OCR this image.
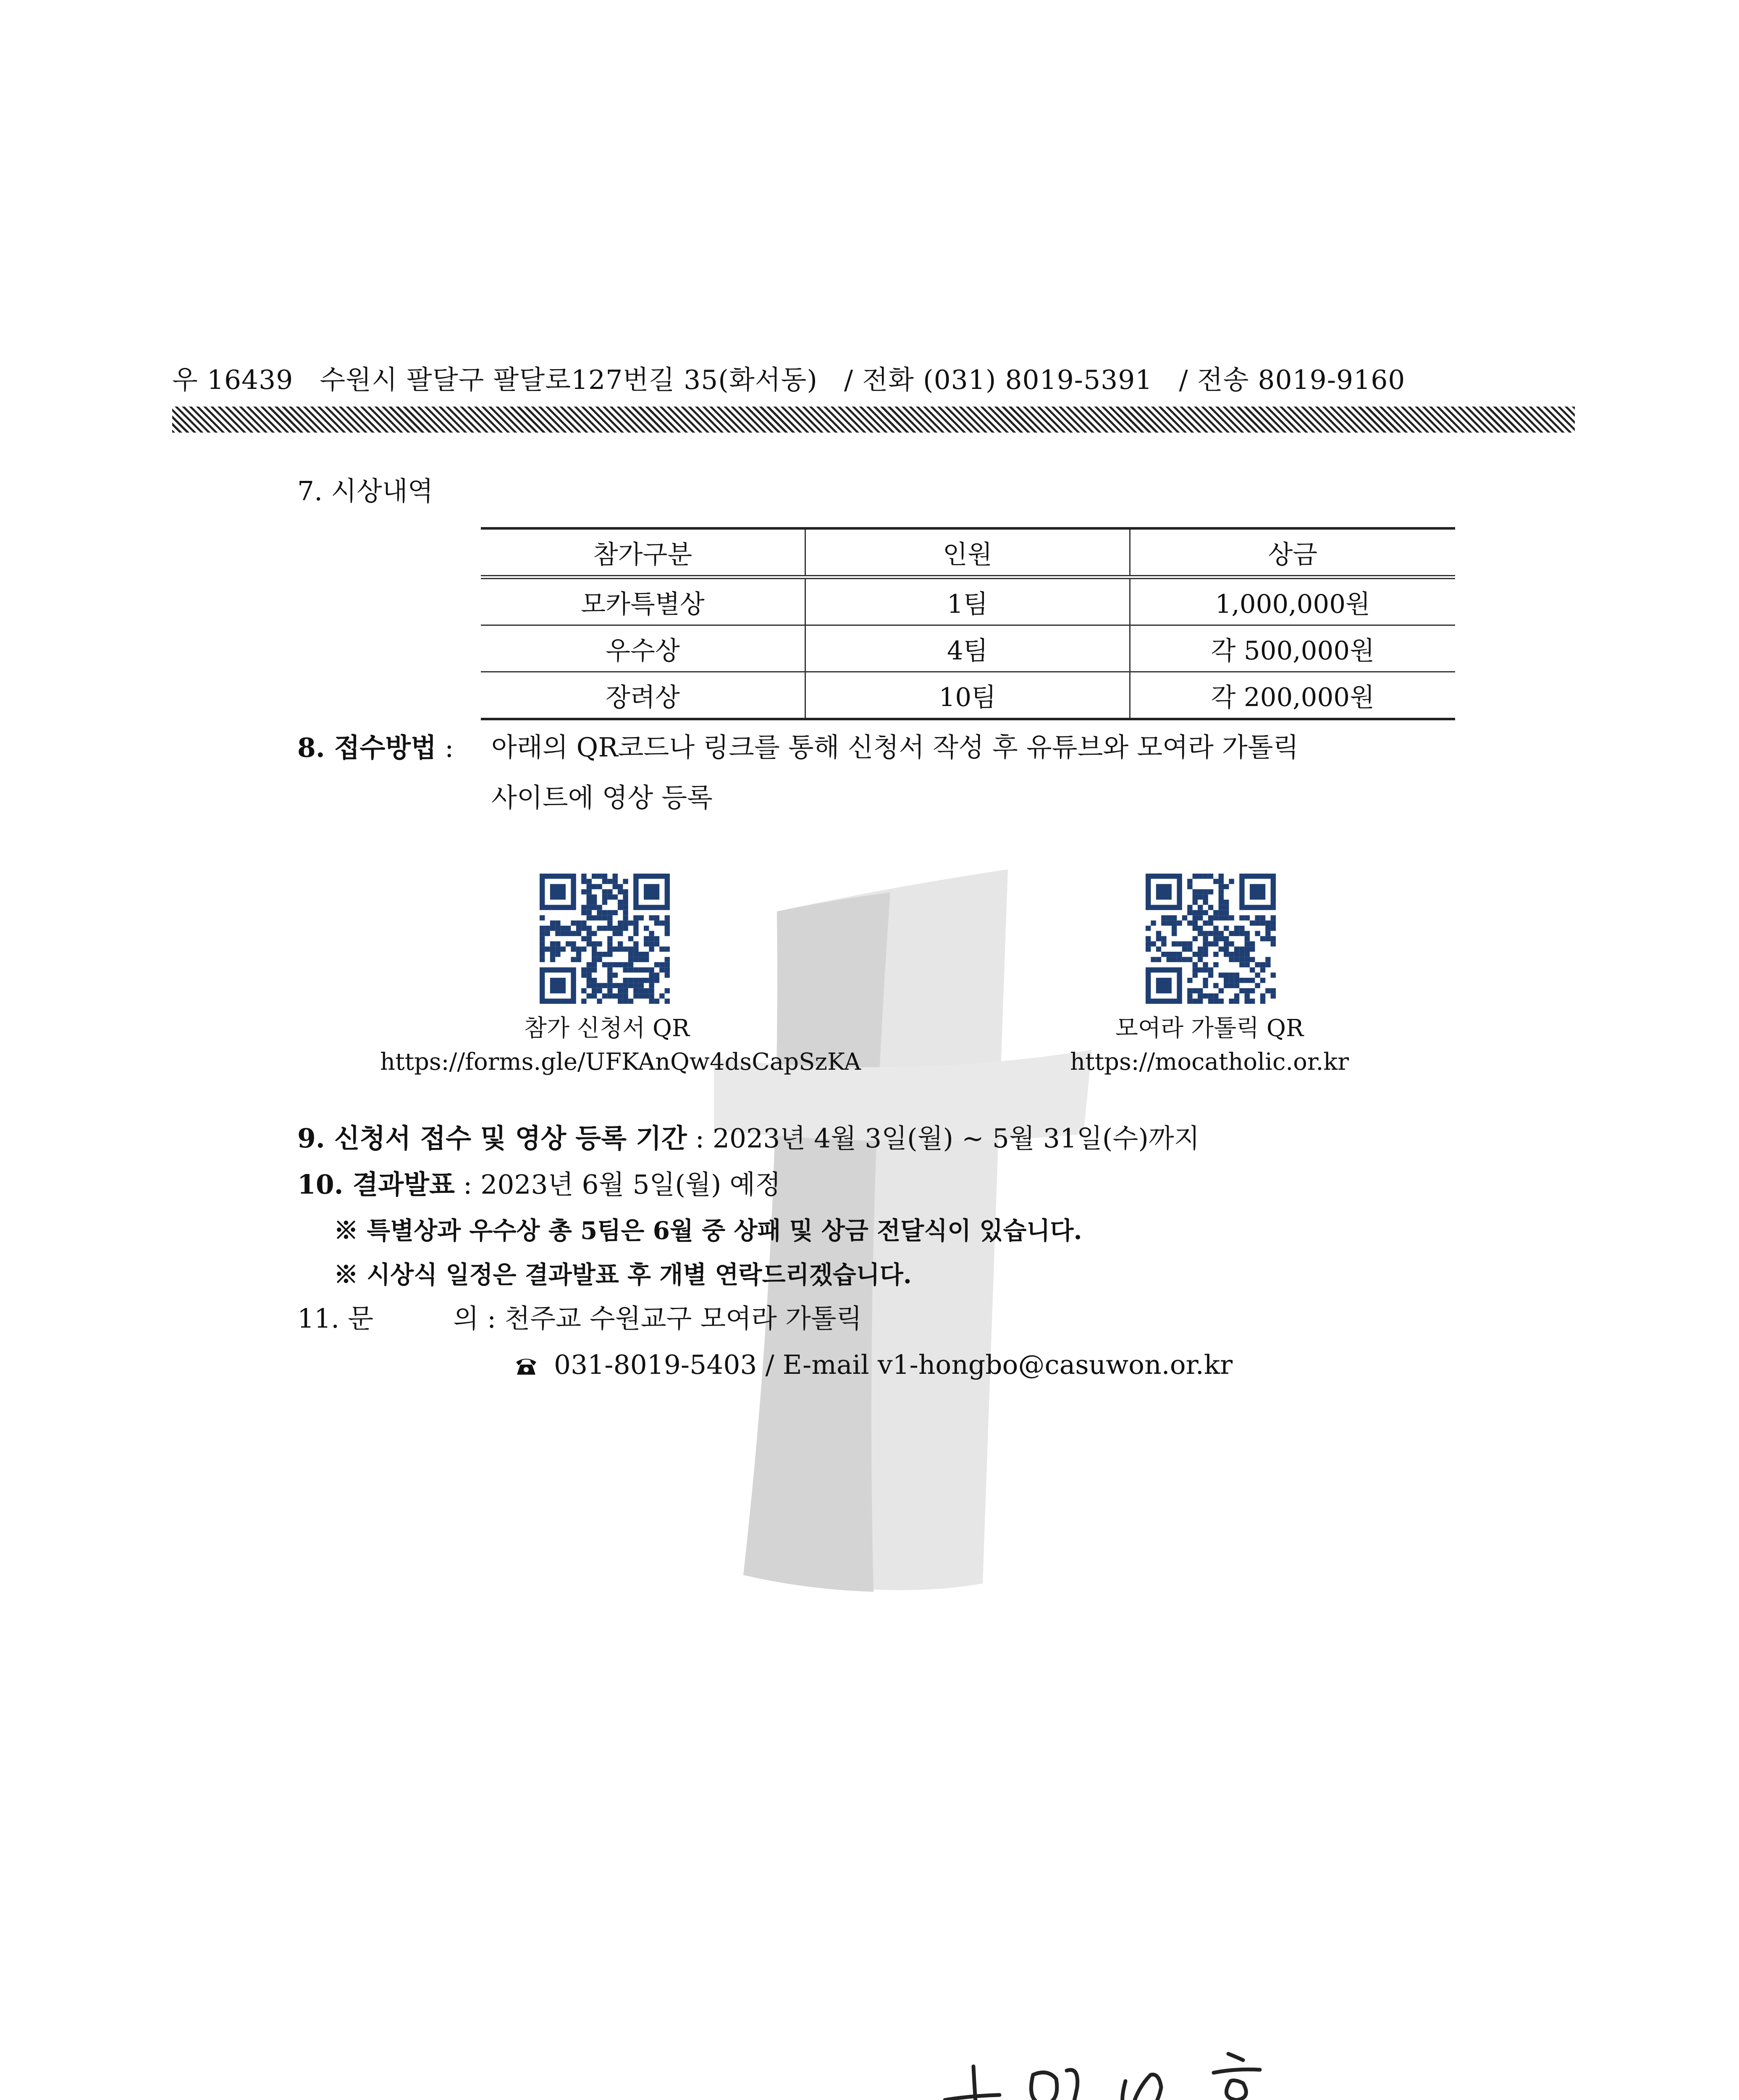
우 16439 수원시 팔달구 팔달로127번길 35(화서동) / 전화 (031) 8019-5391 / 전송 8019-9160
7. 시상내역
참가구분	인원	상금
모카특별상	1팀	1,000,000원
우수상	4팀	각 500,000원
장려상	10팀	각 200,000원
8. 접수방법 : 아래의 QR코드나 링크를 통해 신청서 작성 후 유튜브와 모여라 가톨릭
사이트에 영상 등록
참가 신청서 QR
https://forms.gle/UFKAnQw4dsCapSzKA
모여라 가톨릭 QR
https://mocatholic.or.kr
9. 신청서 접수 및 영상 등록 기간 : 2023년 4월 3일(월) ~ 5월 31일(수)까지
10. 결과발표 : 2023년 6월 5일(월) 예정
※ 특별상과 우수상 총 5팀은 6월 중 상패 및 상금 전달식이 있습니다.
※ 시상식 일정은 결과발표 후 개별 연락드리겠습니다.
11. 문	의 : 천주교 수원교구 모여라 가톨릭
031-8019-5403 / E-mail v1-hongbo@casuwon.or.kr
